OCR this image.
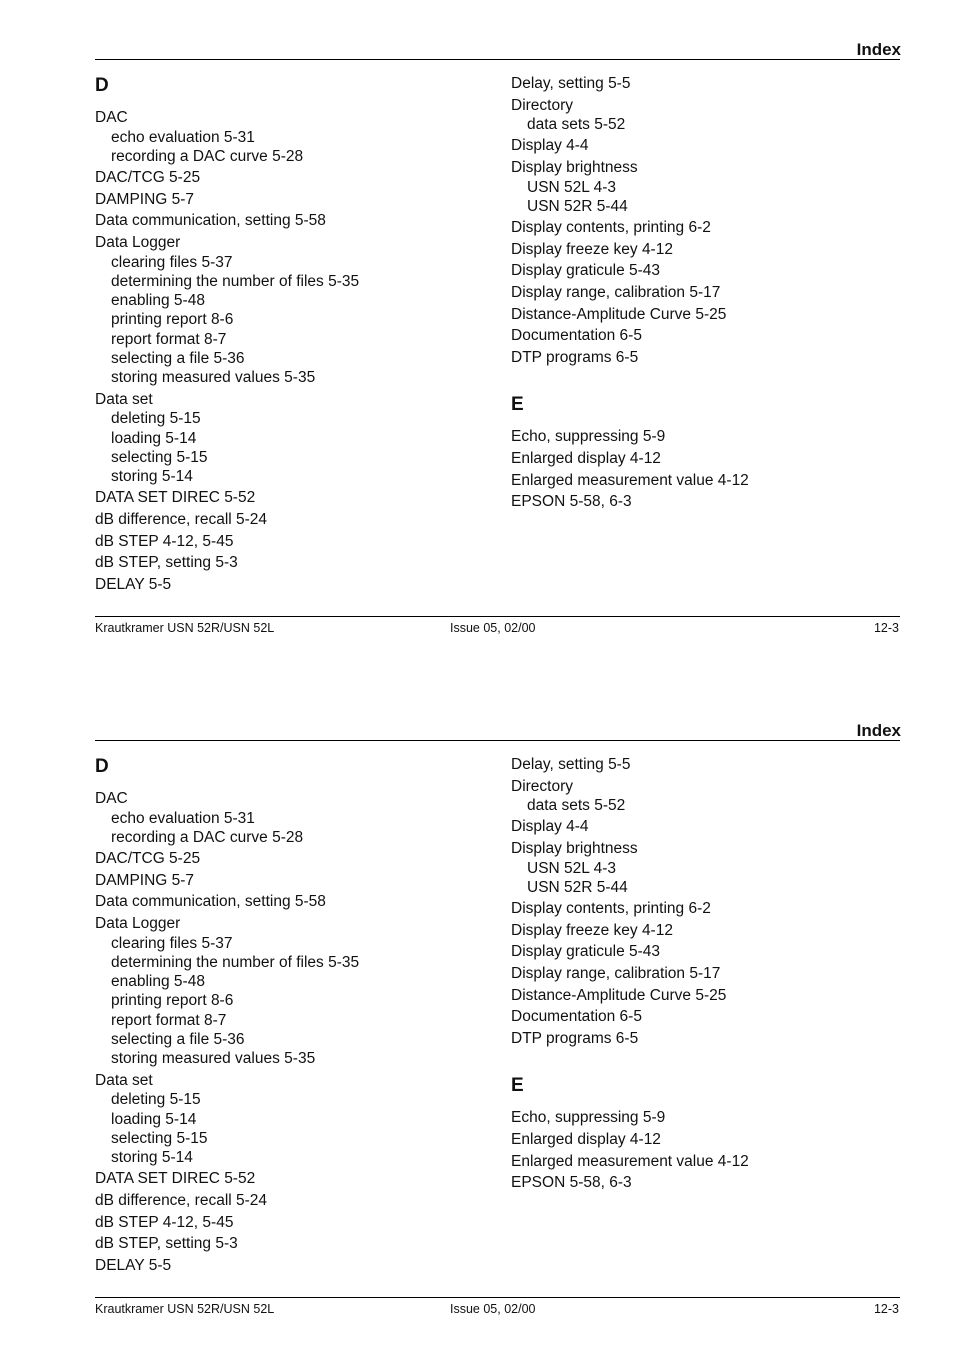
Index
D
DAC
echo evaluation 5-31
recording a DAC curve 5-28
DAC/TCG 5-25
DAMPING 5-7
Data communication, setting 5-58
Data Logger
clearing files 5-37
determining the number of files 5-35
enabling 5-48
printing report 8-6
report format 8-7
selecting a file 5-36
storing measured values 5-35
Data set
deleting 5-15
loading 5-14
selecting 5-15
storing 5-14
DATA SET DIREC 5-52
dB difference, recall 5-24
dB STEP 4-12, 5-45
dB STEP, setting 5-3
DELAY 5-5
Delay, setting 5-5
Directory
data sets 5-52
Display 4-4
Display brightness
USN 52L 4-3
USN 52R 5-44
Display contents, printing 6-2
Display freeze key 4-12
Display graticule 5-43
Display range, calibration 5-17
Distance-Amplitude Curve 5-25
Documentation 6-5
DTP programs 6-5
E
Echo, suppressing 5-9
Enlarged display 4-12
Enlarged measurement value 4-12
EPSON 5-58, 6-3
Krautkramer USN 52R/USN 52L	Issue 05, 02/00	12-3
Index
D
DAC
echo evaluation 5-31
recording a DAC curve 5-28
DAC/TCG 5-25
DAMPING 5-7
Data communication, setting 5-58
Data Logger
clearing files 5-37
determining the number of files 5-35
enabling 5-48
printing report 8-6
report format 8-7
selecting a file 5-36
storing measured values 5-35
Data set
deleting 5-15
loading 5-14
selecting 5-15
storing 5-14
DATA SET DIREC 5-52
dB difference, recall 5-24
dB STEP 4-12, 5-45
dB STEP, setting 5-3
DELAY 5-5
Delay, setting 5-5
Directory
data sets 5-52
Display 4-4
Display brightness
USN 52L 4-3
USN 52R 5-44
Display contents, printing 6-2
Display freeze key 4-12
Display graticule 5-43
Display range, calibration 5-17
Distance-Amplitude Curve 5-25
Documentation 6-5
DTP programs 6-5
E
Echo, suppressing 5-9
Enlarged display 4-12
Enlarged measurement value 4-12
EPSON 5-58, 6-3
Krautkramer USN 52R/USN 52L	Issue 05, 02/00	12-3
